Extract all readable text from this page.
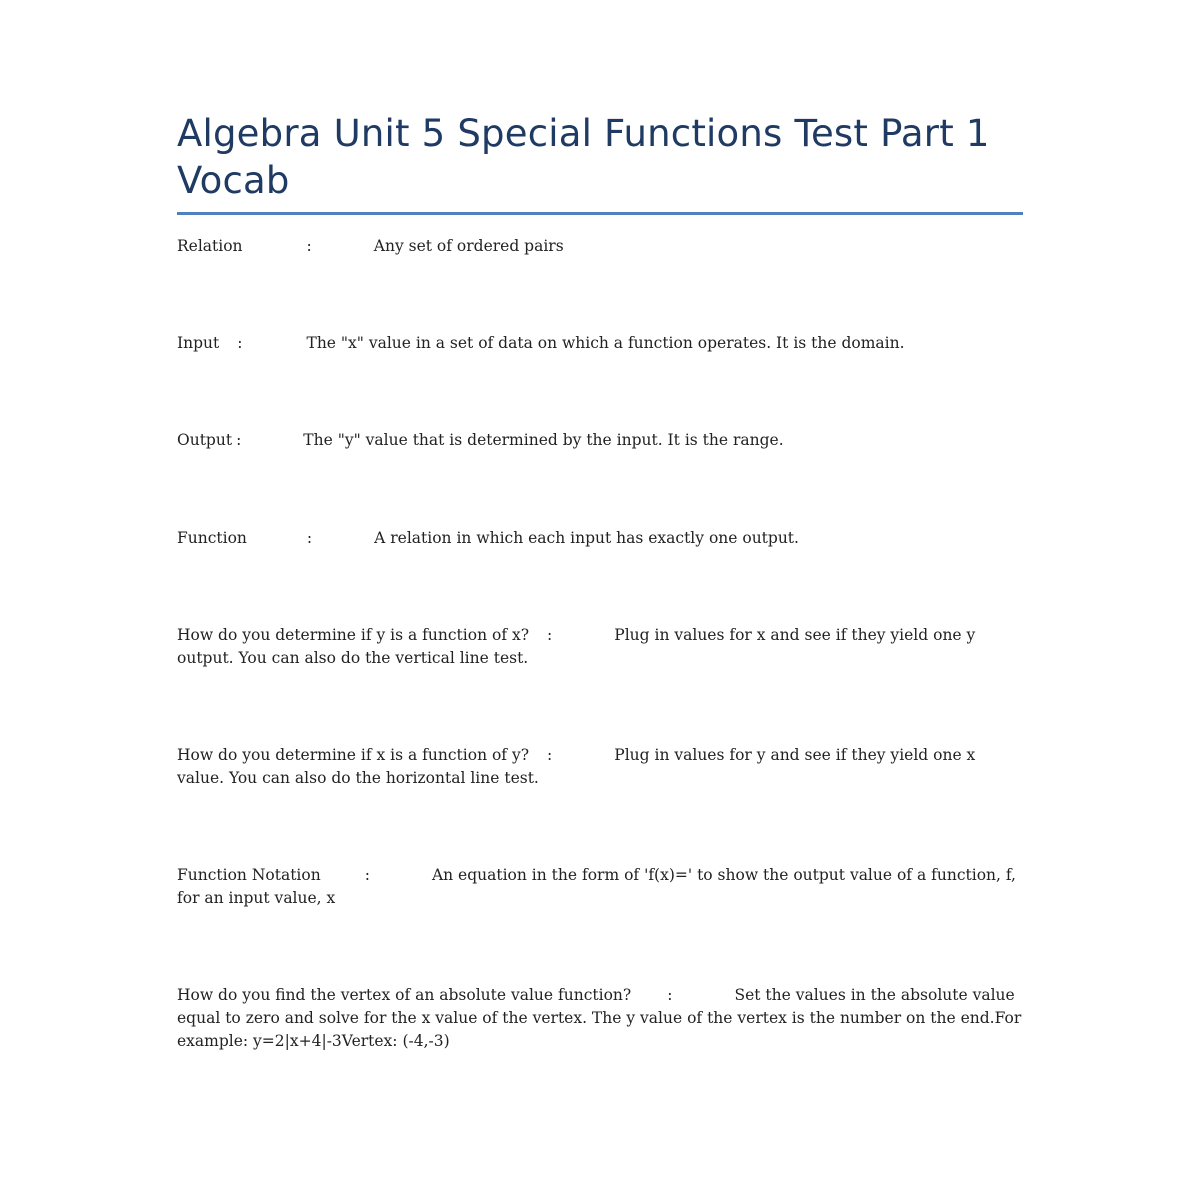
Algebra Unit 5 Special Functions Test Part 1 Vocab
Relation	:	Any set of ordered pairs
Input :	The "x" value in a set of data on which a function operates. It is the domain.
Output :	The "y" value that is determined by the input. It is the range.
Function	:	A relation in which each input has exactly one output.
How do you determine if y is a function of x? :	Plug in values for x and see if they yield one y output. You can also do the vertical line test.
How do you determine if x is a function of y? :	Plug in values for y and see if they yield one x value. You can also do the horizontal line test.
Function Notation	:	An equation in the form of 'f(x)=' to show the output value of a function, f, for an input value, x
How do you find the vertex of an absolute value function? :	Set the values in the absolute value equal to zero and solve for the x value of the vertex. The y value of the vertex is the number on the end.For example: y=2|x+4|-3Vertex: (-4,-3)
